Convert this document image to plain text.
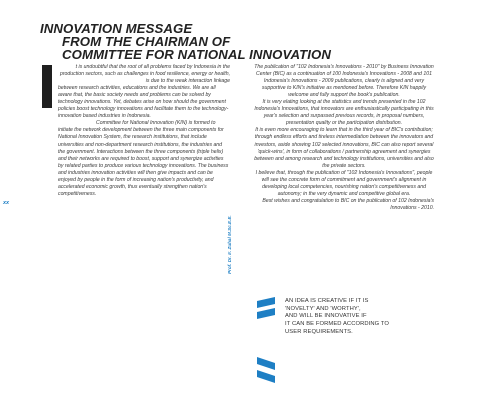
INNOVATION MESSAGE
FROM THE CHAIRMAN OF
COMMITTEE FOR NATIONAL INNOVATION

t is undoubtful that the root of all problems faced by Indonesia in the production sectors, such as challenges in food resilience, energy or health, is due to the weak interaction linkage

between research activities, educations and the industries. We are all aware that, the basic society needs and problems can be solved by technology innovations. Yet, debates arise on how should the government policies boost technology innovations and facilitate them to the technology-innovation based industries in Indonesia.

Committee for National Innovation (KIN) is formed to initiate the network development between the three main components for National Innovation System, the research institutions, that include universities and non-department research institutions, the industries and the government. Interactions between the three components (triple helix) and their networks are required to boost, support and synergize activities by related parties to produce various technology innovations. The business and industries innovation activities will then give impacts and can be enjoyed by people in the form of increasing nation's productivity, and accelerated economic growth, thus eventually strengthen nation's competitiveness.

The publication of "102 Indonesia's Innovations - 2010" by Business Innovation Center (BIC) as a continuation of 100 Indonesia's Innovations - 2008 and 101 Indonesia's Innovations - 2009 publications, clearly is aligned and very supportive to KIN's initiative as mentioned before. Therefore KIN happily welcome and fully support the book's publication.

It is very elating looking at the statistics and trends presented in the 102 Indonesia's Innovations, that innovators are enthusiastically participating in this year's selection and surpassed previous records, in proposal numbers, presentation quality or the participation distribution.

It is even more encouraging to learn that in the third year of BIC's contribution; through endless efforts and tireless intermediation between the innovators and investors, aside showing 102 selected innovations, BIC can also report several 'quick-wins', in form of collaborations / partnership agreement and synergies between and among research and technology institutions, universities and also the private sectors.

I believe that, through the publication of "102 Indonesia's Innovations", people will see the concrete form of commitment and government's alignment in developing local competencies, nourishing nation's competitiveness and autonomy; in the very dynamic and competitive global era.

Best wishes and congratulation to BIC on the publication of 102 Indonesia's Innovations - 2010.

xx
Prof. Dr. Ir. Zuhal M.Sc.E.E.

AN IDEA IS CREATIVE IF IT IS

'NOVELTY' AND 'WORTHY',

AND WILL BE INNOVATIVE IF

IT CAN BE FORMED ACCORDING TO

USER REQUIREMENTS.
